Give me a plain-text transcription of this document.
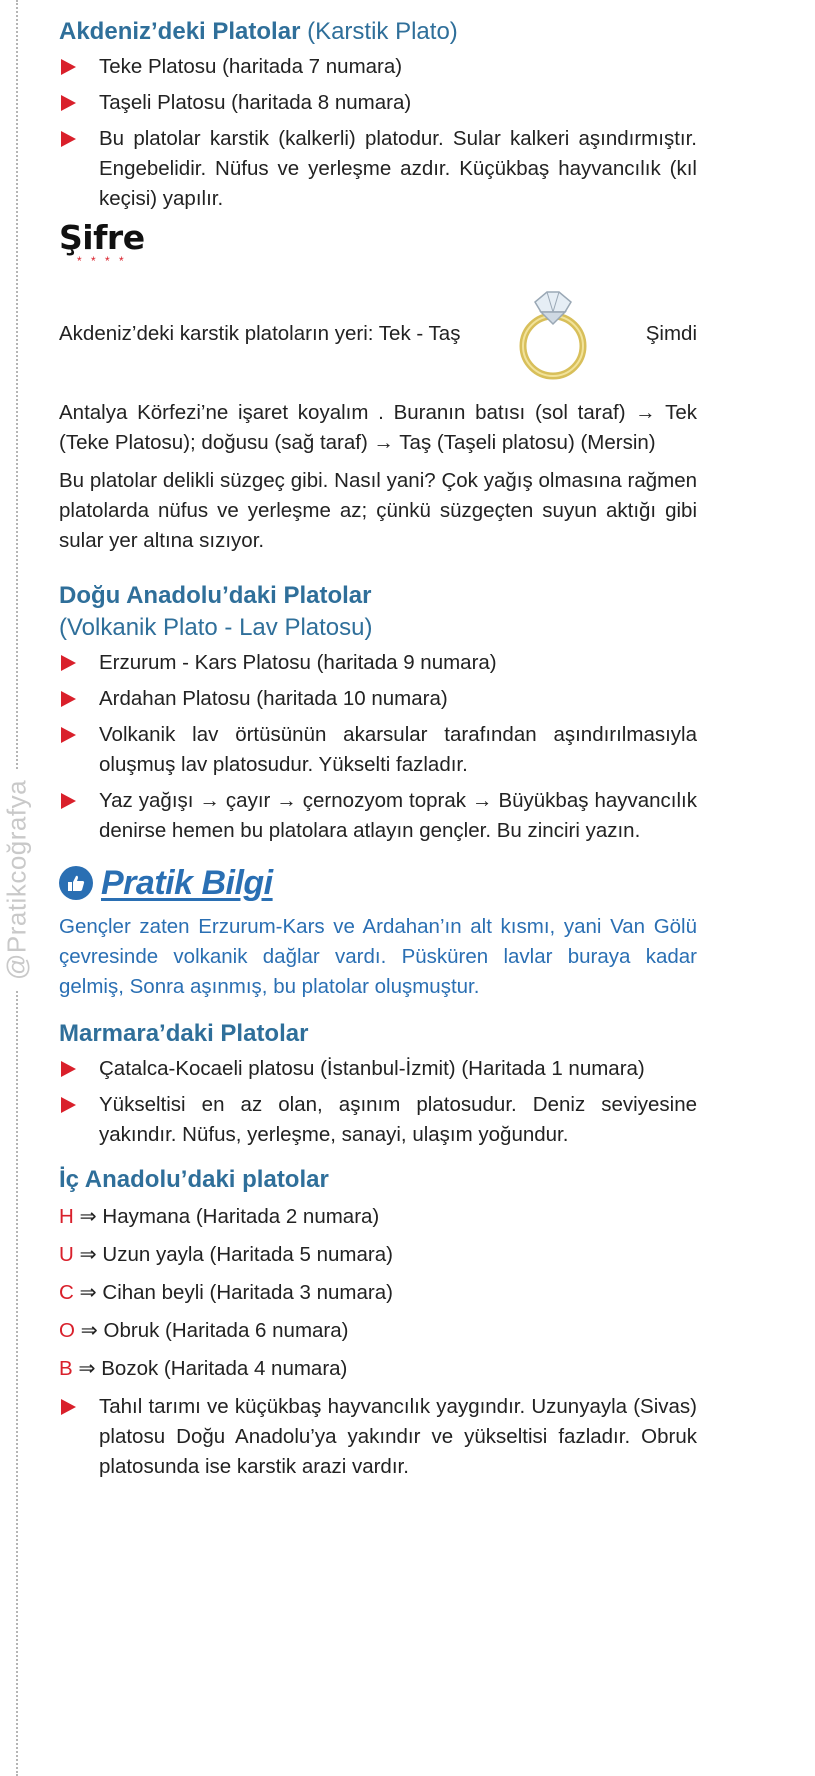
@Pratikcoğrafya
Akdeniz’deki Platolar (Karstik Plato)
Teke Platosu (haritada 7 numara)
Taşeli Platosu (haritada 8 numara)
Bu platolar karstik (kalkerli) platodur. Sular kalkeri aşındırmıştır. Engebelidir. Nüfus ve yerleşme azdır. Küçükbaş hayvancılık (kıl keçisi) yapılır.
Şifre
* * * *
Akdeniz’deki karstik platoların yeri: Tek - Taş	Şimdi

Antalya Körfezi’ne işaret koyalım . Buranın batısı (sol taraf) → Tek (Teke Platosu); doğusu (sağ taraf) → Taş (Taşeli platosu) (Mersin)

Bu platolar delikli süzgeç gibi. Nasıl yani? Çok yağış olmasına rağmen platolarda nüfus ve yerleşme az; çünkü süzgeçten suyun aktığı gibi sular yer altına sızıyor.

Doğu Anadolu’daki Platolar
(Volkanik Plato - Lav Platosu)
Erzurum - Kars Platosu (haritada 9 numara)
Ardahan Platosu (haritada 10 numara)
Volkanik lav örtüsünün akarsular tarafından aşındırılmasıyla oluşmuş lav platosudur. Yükselti fazladır.
Yaz yağışı → çayır → çernozyom toprak → Büyükbaş hayvancılık denirse hemen bu platolara atlayın gençler. Bu zinciri yazın.
Pratik Bilgi

Gençler zaten Erzurum-Kars ve Ardahan’ın alt kısmı, yani Van Gölü çevresinde volkanik dağlar vardı. Püsküren lavlar buraya kadar gelmiş, Sonra aşınmış, bu platolar oluşmuştur.

Marmara’daki Platolar
Çatalca-Kocaeli platosu (İstanbul-İzmit) (Haritada 1 numara)
Yükseltisi en az olan, aşınım platosudur. Deniz seviyesine yakındır. Nüfus, yerleşme, sanayi, ulaşım yoğundur.
İç Anadolu’daki platolar
H ⇒ Haymana (Haritada 2 numara)
U ⇒ Uzun yayla (Haritada 5 numara)
C ⇒ Cihan beyli (Haritada 3 numara)
O ⇒ Obruk (Haritada 6 numara)
B ⇒ Bozok (Haritada 4 numara)
Tahıl tarımı ve küçükbaş hayvancılık yaygındır. Uzunyayla (Sivas) platosu Doğu Anadolu’ya yakındır ve yükseltisi fazladır. Obruk platosunda ise karstik arazi vardır.
